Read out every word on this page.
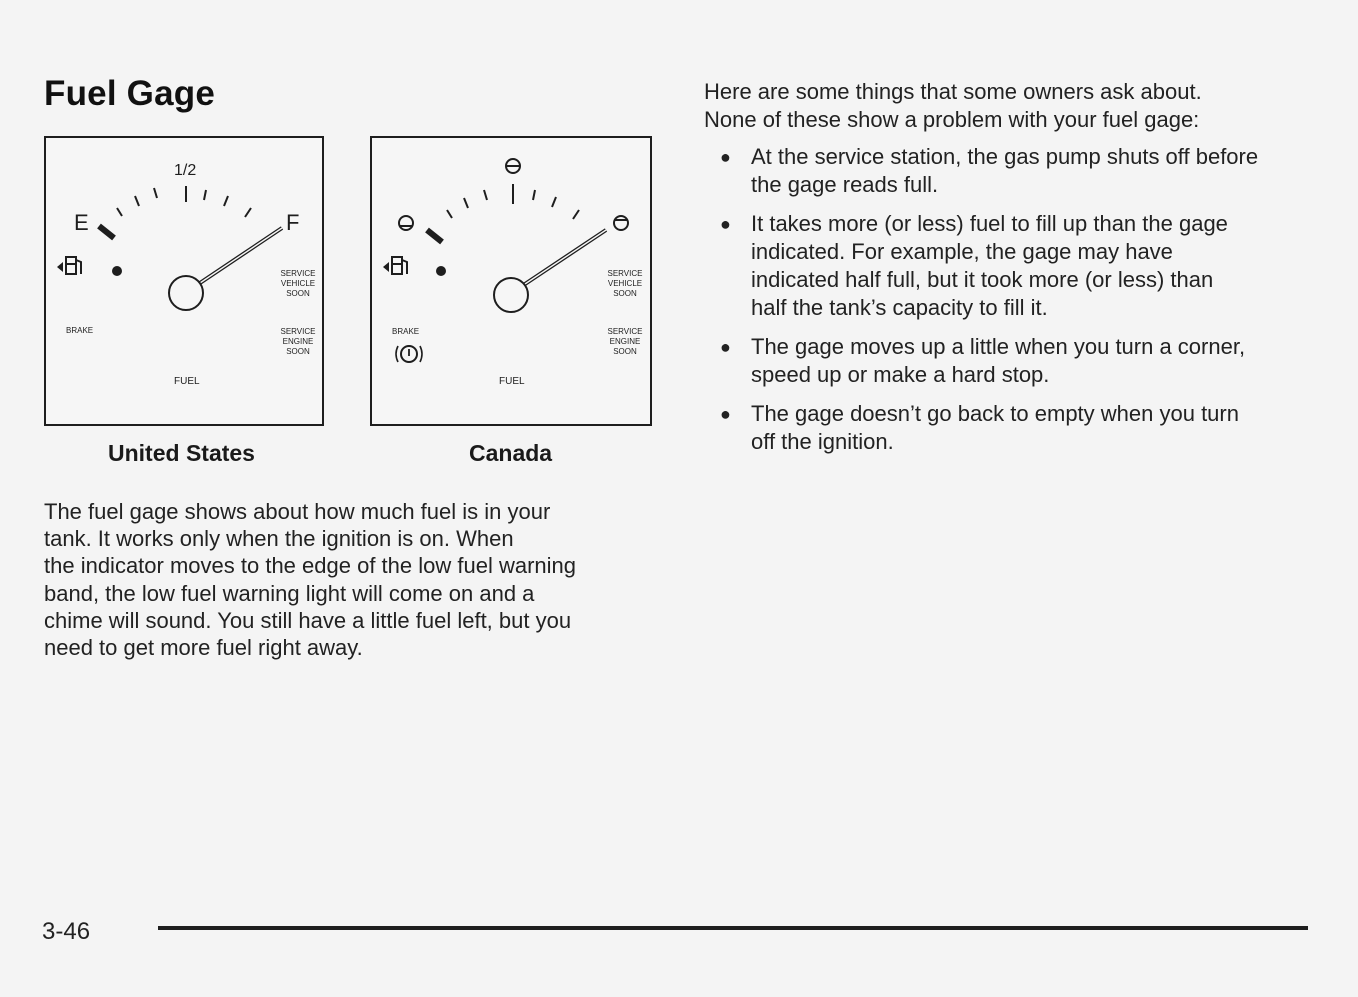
Fuel Gage
1/2
E	F
BRAKE
SERVICE
VEHICLE
SOON
SERVICE
ENGINE
SOON
FUEL
BRAKE
SERVICE
VEHICLE
SOON
SERVICE
ENGINE
SOON
FUEL
United States	Canada
The fuel gage shows about how much fuel is in your
tank. It works only when the ignition is on. When
the indicator moves to the edge of the low fuel warning
band, the low fuel warning light will come on and a
chime will sound. You still have a little fuel left, but you
need to get more fuel right away.
Here are some things that some owners ask about.
None of these show a problem with your fuel gage:
● At the service station, the gas pump shuts off before
the gage reads full.
● It takes more (or less) fuel to fill up than the gage
indicated. For example, the gage may have
indicated half full, but it took more (or less) than
half the tank’s capacity to fill it.
● The gage moves up a little when you turn a corner,
speed up or make a hard stop.
● The gage doesn’t go back to empty when you turn
off the ignition.
3-46
